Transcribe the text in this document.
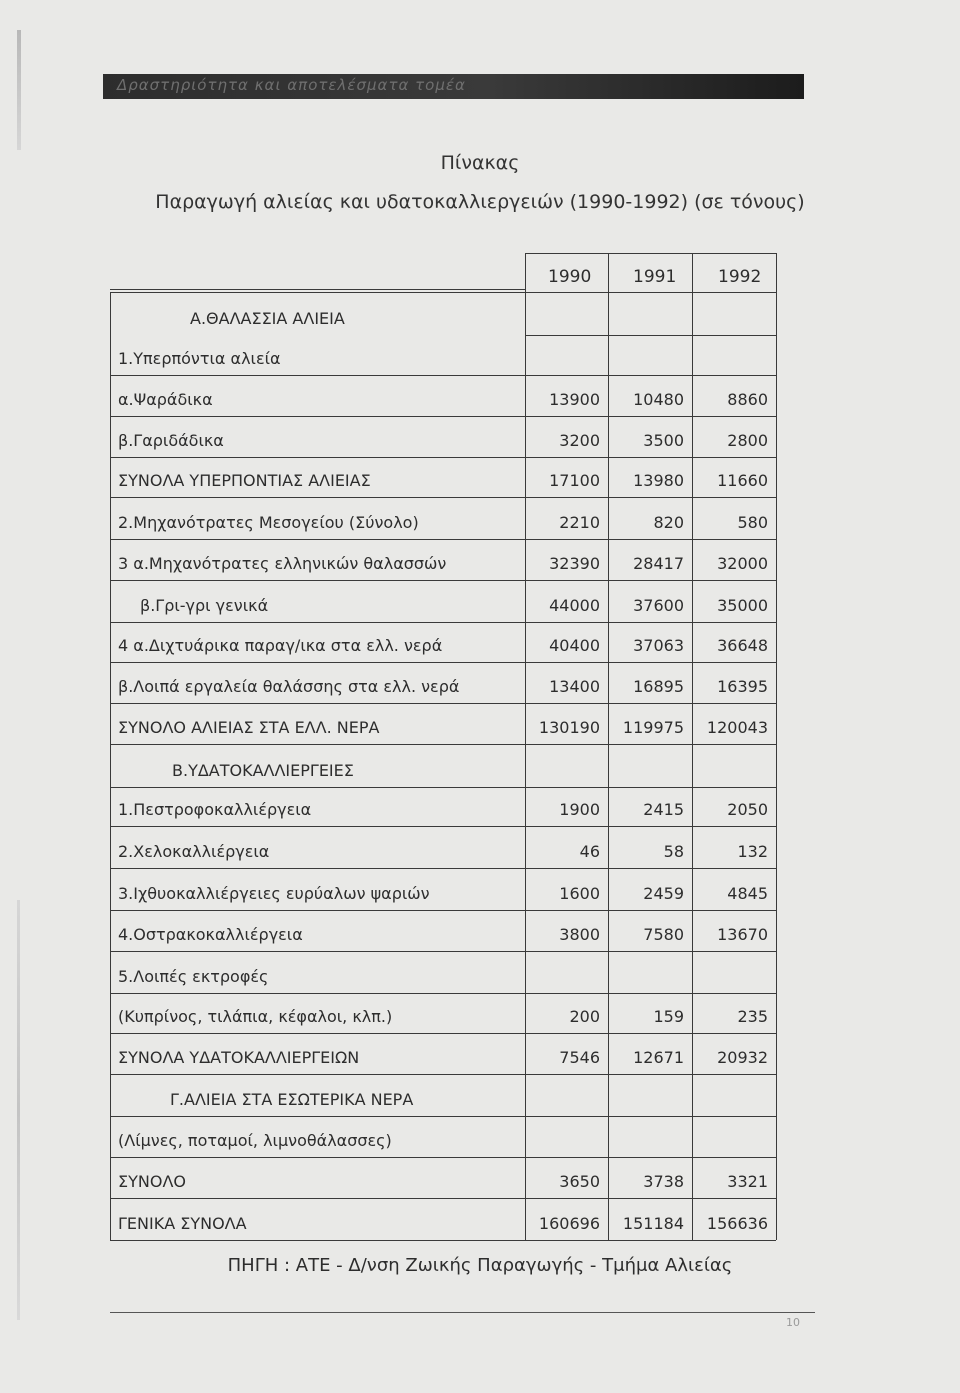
Δραστηριότητα και αποτελέσματα τομέα
Πίνακας
Παραγωγή αλιείας και υδατοκαλλιεργειών (1990-1992) (σε τόνους)
1990 1991 1992
Α.ΘΑΛΑΣΣΙΑ ΑΛΙΕΙΑ
1.Υπερπόντια αλιεία
α.Ψαράδικα	13900	10480	8860
β.Γαριδάδικα	3200	3500	2800
ΣΥΝΟΛΑ ΥΠΕΡΠΟΝΤΙΑΣ ΑΛΙΕΙΑΣ	17100	13980	11660
2.Μηχανότρατες Μεσογείου (Σύνολο)	2210	820	580
3 α.Μηχανότρατες ελληνικών θαλασσών	32390	28417	32000
β.Γρι-γρι γενικά	44000	37600	35000
4 α.Διχτυάρικα παραγ/ικα στα ελλ. νερά	40400	37063	36648
β.Λοιπά εργαλεία θαλάσσης στα ελλ. νερά	13400	16895	16395
ΣΥΝΟΛΟ ΑΛΙΕΙΑΣ ΣΤΑ ΕΛΛ. ΝΕΡΑ	130190	119975	120043
Β.ΥΔΑΤΟΚΑΛΛΙΕΡΓΕΙΕΣ
1.Πεστροφοκαλλιέργεια	1900	2415	2050
2.Χελοκαλλιέργεια	46	58	132
3.Ιχθυοκαλλιέργειες ευρύαλων ψαριών	1600	2459	4845
4.Οστρακοκαλλιέργεια	3800	7580	13670
5.Λοιπές εκτροφές
(Κυπρίνος, τιλάπια, κέφαλοι, κλπ.)	200	159	235
ΣΥΝΟΛΑ ΥΔΑΤΟΚΑΛΛΙΕΡΓΕΙΩΝ	7546	12671	20932
Γ.ΑΛΙΕΙΑ ΣΤΑ ΕΣΩΤΕΡΙΚΑ ΝΕΡΑ
(Λίμνες, ποταμοί, λιμνοθάλασσες)
ΣΥΝΟΛΟ	3650	3738	3321
ΓΕΝΙΚΑ ΣΥΝΟΛΑ	160696	151184	156636
ΠΗΓΗ : ΑΤΕ - Δ/νση Ζωικής Παραγωγής - Τμήμα Αλιείας
10
